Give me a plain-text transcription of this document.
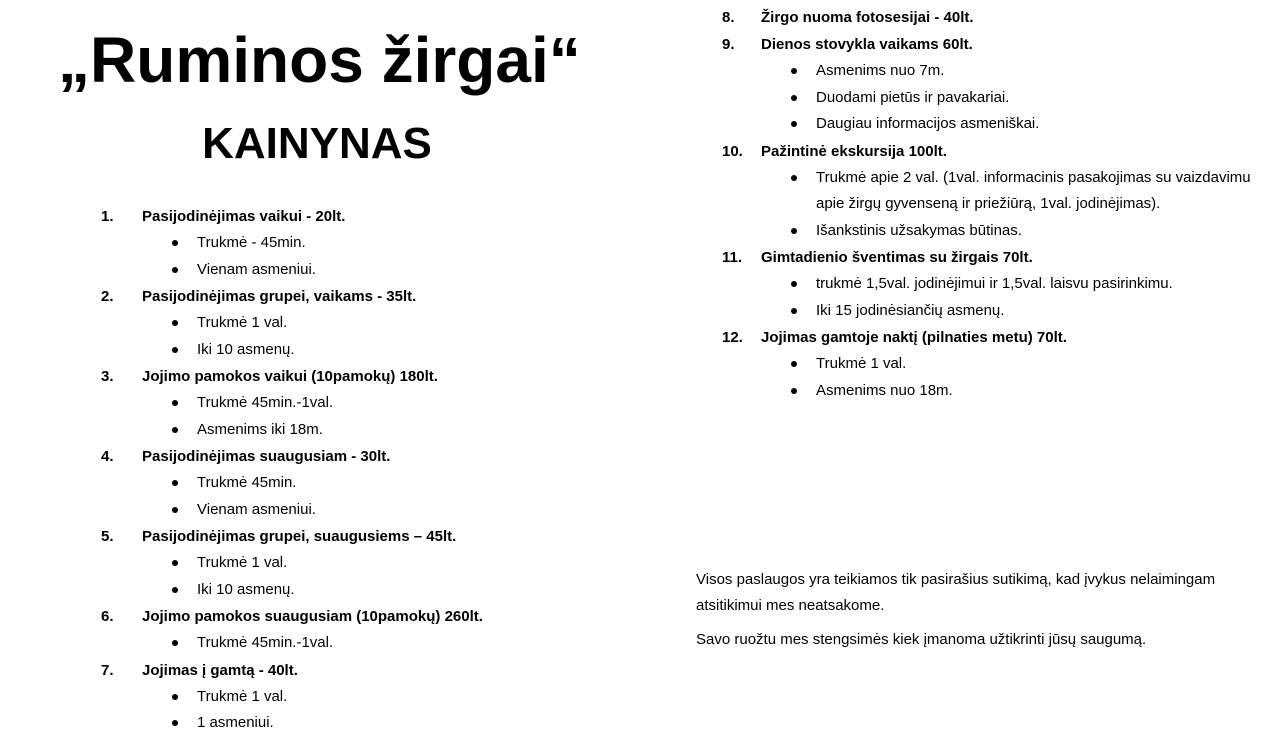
„Ruminos žirgai“
KAINYNAS
1.	Pasijodinėjimas vaikui - 20lt.
Trukmė - 45min.
Vienam asmeniui.
2.	Pasijodinėjimas grupei, vaikams - 35lt.
Trukmė 1 val.
Iki 10 asmenų.
3.	Jojimo pamokos vaikui (10pamokų) 180lt.
Trukmė 45min.-1val.
Asmenims iki 18m.
4.	Pasijodinėjimas suaugusiam - 30lt.
Trukmė 45min.
Vienam asmeniui.
5.	Pasijodinėjimas grupei, suaugusiems – 45lt.
Trukmė 1 val.
Iki 10 asmenų.
6.	Jojimo pamokos suaugusiam (10pamokų) 260lt.
Trukmė 45min.-1val.
7.	Jojimas į gamtą - 40lt.
Trukmė 1 val.
1 asmeniui.
8.	Žirgo nuoma fotosesijai - 40lt.
9.	Dienos stovykla vaikams 60lt.
Asmenims nuo 7m.
Duodami pietūs ir pavakariai.
Daugiau informacijos asmeniškai.
10.	Pažintinė ekskursija 100lt.
Trukmė apie 2 val. (1val. informacinis pasakojimas su vaizdavimu apie žirgų gyvenseną ir priežiūrą, 1val. jodinėjimas).
Išankstinis užsakymas būtinas.
11.	Gimtadienio šventimas su žirgais 70lt.
trukmė 1,5val. jodinėjimui ir 1,5val. laisvu pasirinkimu.
Iki 15 jodinėsiančių asmenų.
12.	Jojimas gamtoje naktį (pilnaties metu) 70lt.
Trukmė 1 val.
Asmenims nuo 18m.

Visos paslaugos yra teikiamos tik pasirašius sutikimą, kad įvykus nelaimingam atsitikimui mes neatsakome.

Savo ruožtu mes stengsimės kiek įmanoma užtikrinti jūsų saugumą.
